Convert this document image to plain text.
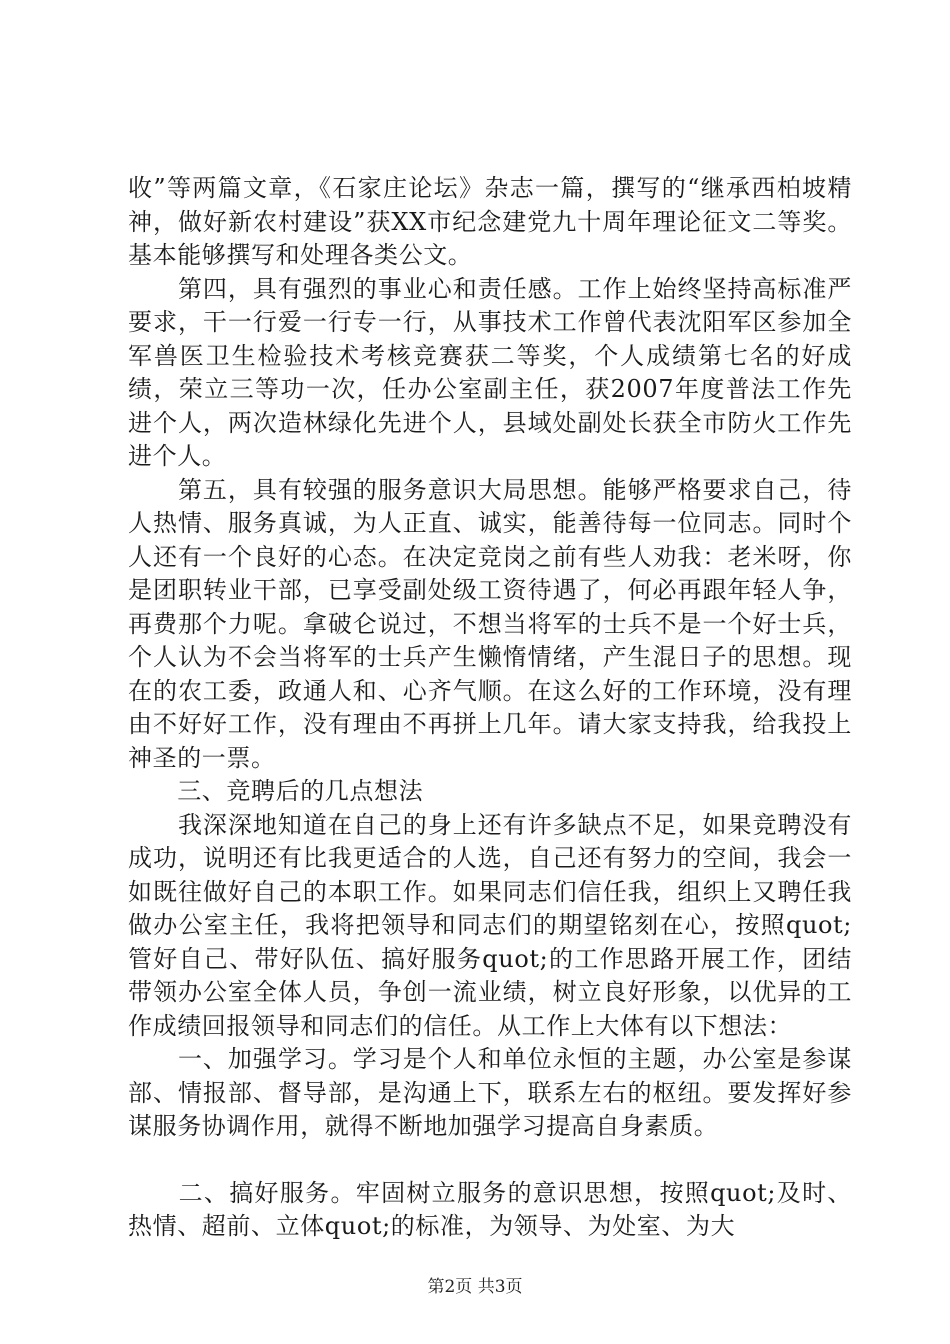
收”等两篇文章，《石家庄论坛》杂志一篇，撰写的“继承西柏坡精神，做好新农村建设”获XX市纪念建党九十周年理论征文二等奖。基本能够撰写和处理各类公文。

　　第四，具有强烈的事业心和责任感。工作上始终坚持高标准严要求，干一行爱一行专一行，从事技术工作曾代表沈阳军区参加全军兽医卫生检验技术考核竞赛获二等奖，个人成绩第七名的好成绩，荣立三等功一次，任办公室副主任，获2007年度普法工作先进个人，两次造林绿化先进个人，县域处副处长获全市防火工作先进个人。

　　第五，具有较强的服务意识大局思想。能够严格要求自己，待人热情、服务真诚，为人正直、诚实，能善待每一位同志。同时个人还有一个良好的心态。在决定竞岗之前有些人劝我：老米呀，你是团职转业干部，已享受副处级工资待遇了，何必再跟年轻人争，再费那个力呢。拿破仑说过，不想当将军的士兵不是一个好士兵，个人认为不会当将军的士兵产生懒惰情绪，产生混日子的思想。现在的农工委，政通人和、心齐气顺。在这么好的工作环境，没有理由不好好工作，没有理由不再拼上几年。请大家支持我，给我投上神圣的一票。

　　三、竞聘后的几点想法

　　我深深地知道在自己的身上还有许多缺点不足，如果竞聘没有成功，说明还有比我更适合的人选，自己还有努力的空间，我会一如既往做好自己的本职工作。如果同志们信任我，组织上又聘任我做办公室主任，我将把领导和同志们的期望铭刻在心，按照quot;管好自己、带好队伍、搞好服务quot;的工作思路开展工作，团结带领办公室全体人员，争创一流业绩，树立良好形象，以优异的工作成绩回报领导和同志们的信任。从工作上大体有以下想法：

　　一、加强学习。学习是个人和单位永恒的主题，办公室是参谋部、情报部、督导部，是沟通上下，联系左右的枢纽。要发挥好参谋服务协调作用，就得不断地加强学习提高自身素质。

　　二、搞好服务。牢固树立服务的意识思想，按照quot;及时、热情、超前、立体quot;的标准，为领导、为处室、为大

第2页 共3页
